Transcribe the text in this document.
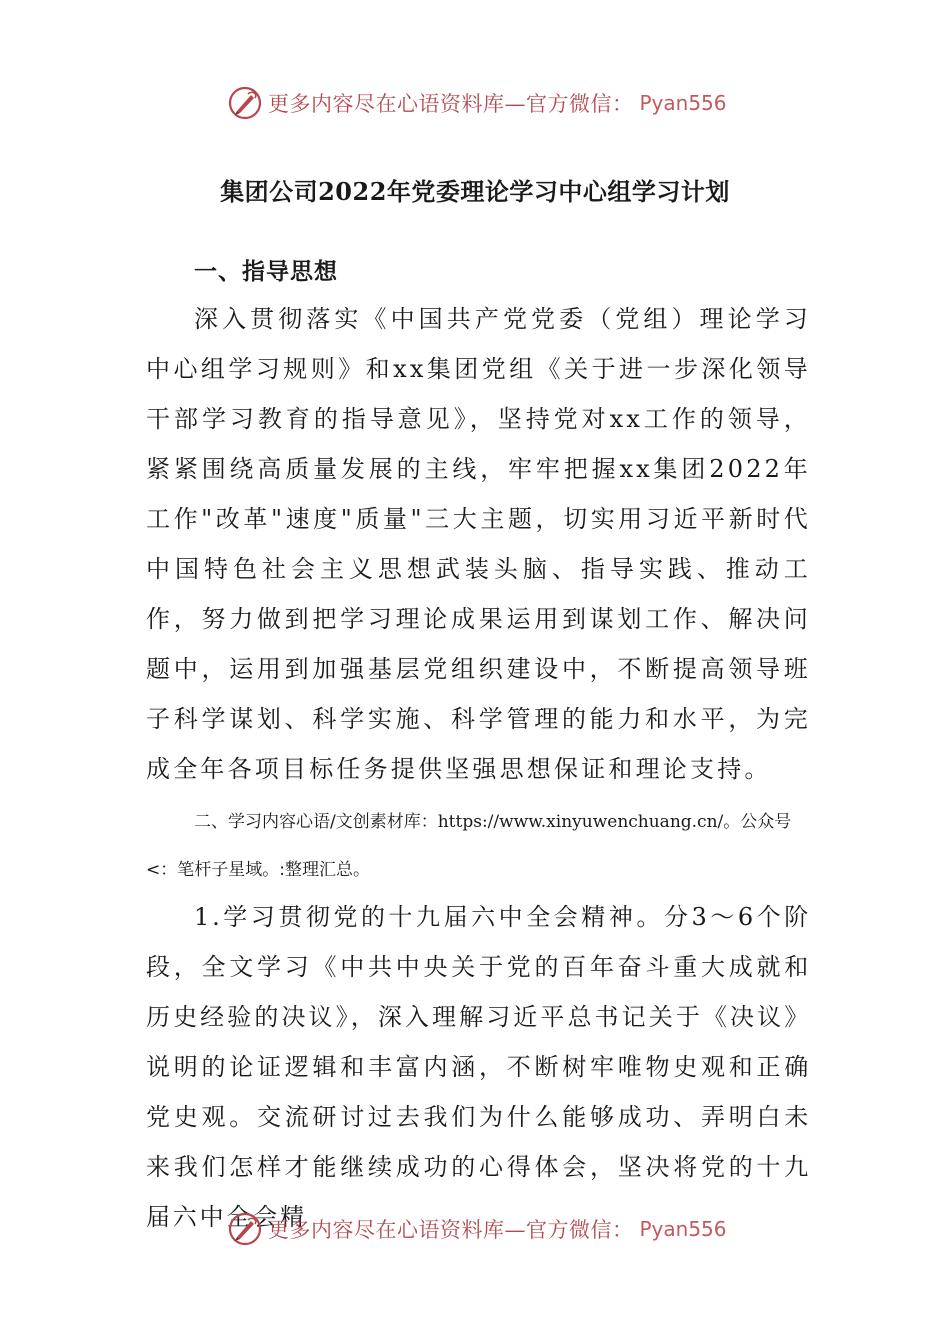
更多内容尽在心语资料库—官方微信： Pyan556
集团公司2022年党委理论学习中心组学习计划
一、指导思想

深入贯彻落实《中国共产党党委（党组）理论学习中心组学习规则》和xx集团党组《关于进一步深化领导干部学习教育的指导意见》，坚持党对xx工作的领导，紧紧围绕高质量发展的主线，牢牢把握xx集团2022年工作"改革"速度"质量"三大主题，切实用习近平新时代中国特色社会主义思想武装头脑、指导实践、推动工作，努力做到把学习理论成果运用到谋划工作、解决问题中，运用到加强基层党组织建设中，不断提高领导班子科学谋划、科学实施、科学管理的能力和水平，为完成全年各项目标任务提供坚强思想保证和理论支持。

二、学习内容心语/文创素材库：https://www.xinyuwenchuang.cn/。公众号<：笔杆子星域。:整理汇总。

1.学习贯彻党的十九届六中全会精神。分3～6个阶段，全文学习《中共中央关于党的百年奋斗重大成就和历史经验的决议》，深入理解习近平总书记关于《决议》说明的论证逻辑和丰富内涵，不断树牢唯物史观和正确党史观。交流研讨过去我们为什么能够成功、弄明白未来我们怎样才能继续成功的心得体会，坚决将党的十九届六中全会精

更多内容尽在心语资料库—官方微信： Pyan556
